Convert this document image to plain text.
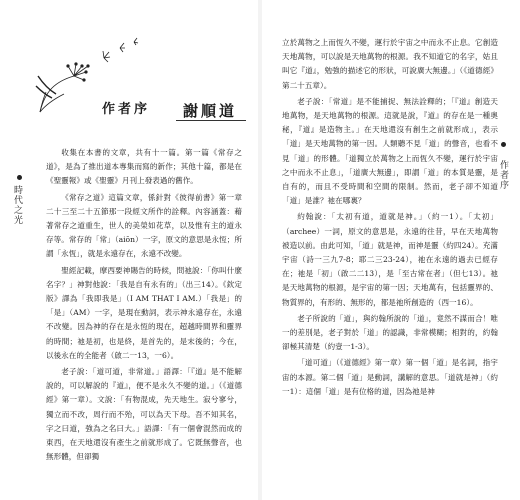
作者序 謝順道
時代之光

收集在本書的文章，共有十一篇。第一篇《常存之道》，是為了推出道本專集而寫的新作；其他十篇，都是在《聖靈報》或《聖靈》月刊上發表過的舊作。

《常存之道》這篇文章，係針對《彼得前書》第一章二十三至二十五節那一段經文所作的詮釋。內容涵蓋：藉著常存之道重生，世人的美榮如花草，以及惟有主的道永存等。常存的「常」（aiōn）一字，原文的意思是永恆；所謂「永恆」，就是永遠存在，永遠不改變。

聖經記載，摩西要神賜告的時候，問祂說：「你叫什麼名字？」神對他說：「我是自有永有的」（出三14）。《欽定版》譯為「我即我是」（I AM THAT I AM.）「我是」的「是」（AM）一字，是現在動詞，表示神永遠存在，永遠不改變。因為神的存在是永恆的現在，超越時間界和靈界的時間；祂是初，也是終，是首先的，是末後的；今在，以後永在的全能者（啟二一13，一6）。

老子說：「道可道，非常道。」語譯：「『道』是不能解說的，可以解說的『道』，便不是永久不變的道。」（《道德經》第一章）。文說：「有物混成，先天地生。寂兮寥兮，獨立而不改，周行而不殆，可以為天下母。吾不知其名，字之曰道，強為之名曰大。」語譯：「有一個會混然而成的東西，在天地還沒有產生之前就形成了。它既無聲音，也無形體，但卻獨

立於萬物之上而恆久不變，運行於宇宙之中而永不止息。它創造天地萬物，可以說是天地萬物的根源。我不知道它的名字，姑且叫它『道』，勉強的描述它的形狀，可說廣大無邊。」（《道德經》第二十五章）。

老子說：「常道」是不能捕捉、無法詮釋的；「『道』創造天地萬物，是天地萬物的根源。這就是說，『道』的存在是一種奧秘，『道』是造物主。」在天地還沒有創生之前就形成」，表示「道」是天地萬物的第一因。人類聽不見「道」的聲音，也看不見「道」的形體。「道獨立於萬物之上而恆久不變，運行於宇宙之中而永不止息」，「道廣大無邊」，即謂「道」的本質是靈，是自有的，而且不受時間和空間的限制。然而，老子卻不知道「道」是誰？祂在哪裏？

約翰說：「太初有道，道就是神。」（約一1）。「太初」（archee）一詞，原文的意思是，永遠的往昔，早在天地萬物被造以前。由此可知，「道」就是神，而神是靈（約四24）。充滿宇宙（詩一三九7-8；耶二三23-24），祂在永遠的過去已經存在；祂是「初」（啟二二13），是「至古常在者」（但七13）。祂是天地萬物的根源，是宇宙的第一因；天地萬有，包括靈界的、物質界的，有形的、無形的，都是祂所創造的（西一16）。

老子所說的「道」，與約翰所說的「道」，竟然不謀而合！唯一的差別是，老子對於「道」的認識，非常模糊；相對的，約翰卻極其清楚（約壹一1-3）。

「道可道」（《道德經》第一章）第一個「道」是名詞，指宇宙的本源。第二個「道」是動詞，講解的意思。「道就是神」（約一1）：這個「道」是有位格的道，因為祂是神

作者序
